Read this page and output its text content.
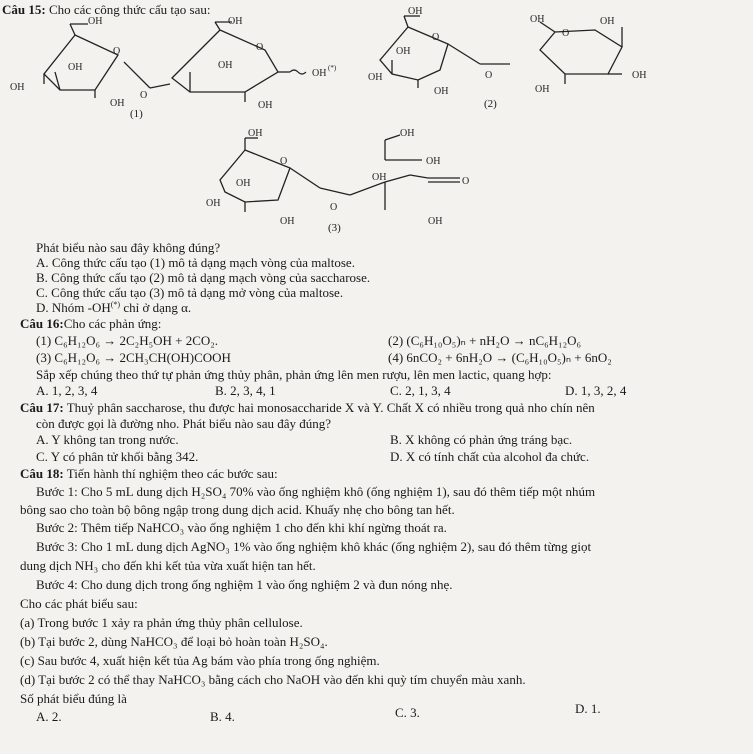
Câu 15: Cho các công thức cấu tạo sau:
OH
O
OH
OH
OH
O
OH
O
OH
OH
OH (*)
(1)
OH
O
OH
OH
OH
O
OH
O
OH
OH
OH
(2)
OH
O
OH
OH
OH
O
OH
OH
OH	O
OH
(3)
Phát biểu nào sau đây không đúng?
A. Công thức cấu tạo (1) mô tả dạng mạch vòng của maltose.
B. Công thức cấu tạo (2) mô tả dạng mạch vòng của saccharose.
C. Công thức cấu tạo (3) mô tả dạng mở vòng của maltose.
D. Nhóm -OH(*) chỉ ở dạng α.
Câu 16:Cho các phản ứng:
(1) C₆H₁₂O₆ → 2C₂H₅OH + 2CO₂.	(2) (C₆H₁₀O₅)ₙ + nH₂O → nC₆H₁₂O₆
(3) C₆H₁₂O₆ → 2CH₃CH(OH)COOH	(4) 6nCO₂ + 6nH₂O → (C₆H₁₀O₅)ₙ + 6nO₂
Sắp xếp chúng theo thứ tự phản ứng thủy phân, phản ứng lên men rượu, lên men lactic, quang hợp:
A. 1, 2, 3, 4	B. 2, 3, 4, 1	C. 2, 1, 3, 4	D. 1, 3, 2, 4
Câu 17: Thuỷ phân saccharose, thu được hai monosaccharide X và Y. Chất X có nhiều trong quả nho chín nên
còn được gọi là đường nho. Phát biểu nào sau đây đúng?
A. Y không tan trong nước.	B. X không có phản ứng tráng bạc.
C. Y có phân tử khối bằng 342.	D. X có tính chất của alcohol đa chức.
Câu 18: Tiến hành thí nghiệm theo các bước sau:
Bước 1: Cho 5 mL dung dịch H₂SO₄ 70% vào ống nghiệm khô (ống nghiệm 1), sau đó thêm tiếp một nhúm
bông sao cho toàn bộ bông ngập trong dung dịch acid. Khuấy nhẹ cho bông tan hết.
Bước 2: Thêm tiếp NaHCO₃ vào ống nghiệm 1 cho đến khi khí ngừng thoát ra.
Bước 3: Cho 1 mL dung dịch AgNO₃ 1% vào ống nghiệm khô khác (ống nghiệm 2), sau đó thêm từng giọt
dung dịch NH₃ cho đến khi kết tủa vừa xuất hiện tan hết.
Bước 4: Cho dung dịch trong ống nghiệm 1 vào ống nghiệm 2 và đun nóng nhẹ.
Cho các phát biểu sau:
(a) Trong bước 1 xảy ra phản ứng thủy phân cellulose.
(b) Tại bước 2, dùng NaHCO₃ để loại bỏ hoàn toàn H₂SO₄.
(c) Sau bước 4, xuất hiện kết tủa Ag bám vào phía trong ống nghiệm.
(d) Tại bước 2 có thể thay NaHCO₃ bằng cách cho NaOH vào đến khi quỳ tím chuyển màu xanh.
Số phát biểu đúng là
A. 2.	B. 4.	C. 3.	D. 1.
